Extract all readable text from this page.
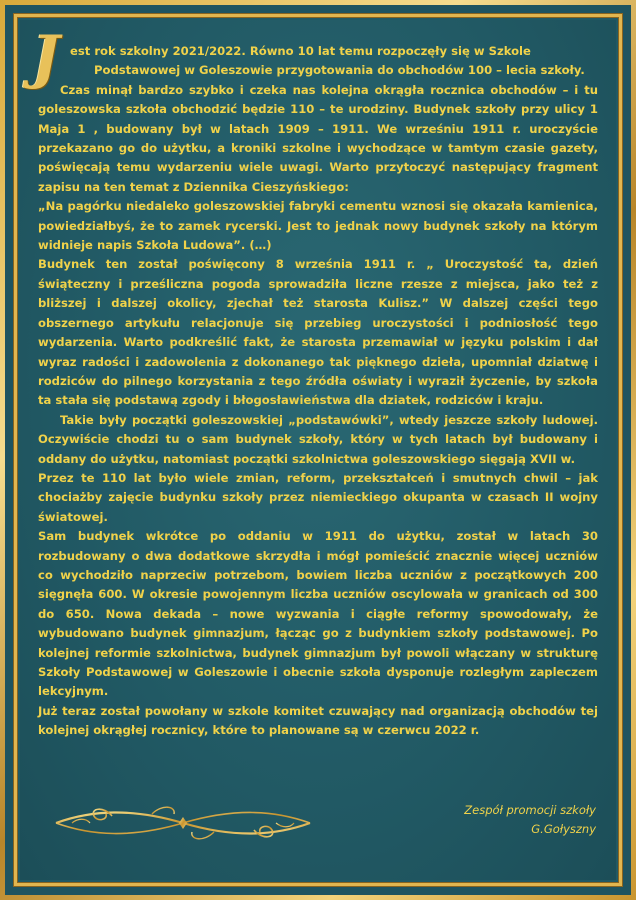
J est rok szkolny 2021/2022. Równo 10 lat temu rozpoczęły się w Szkole

Podstawowej w Goleszowie przygotowania do obchodów 100 – lecia szkoły.

Czas minął bardzo szybko i czeka nas kolejna okrągła rocznica obchodów – i tu goleszowska szkoła obchodzić będzie 110 – te urodziny. Budynek szkoły przy ulicy 1 Maja 1 , budowany był w latach 1909 – 1911. We wrześniu 1911 r. uroczyście przekazano go do użytku, a kroniki szkolne i wychodzące w tamtym czasie gazety, poświęcają temu wydarzeniu wiele uwagi. Warto przytoczyć następujący fragment zapisu na ten temat z Dziennika Cieszyńskiego:

„Na pagórku niedaleko goleszowskiej fabryki cementu wznosi się okazała kamienica, powiedziałbyś, że to zamek rycerski. Jest to jednak nowy budynek szkoły na którym widnieje napis Szkoła Ludowa”. (…)

Budynek ten został poświęcony 8 września 1911 r. „ Uroczystość ta, dzień świąteczny i prześliczna pogoda sprowadziła liczne rzesze z miejsca, jako też z bliższej i dalszej okolicy, zjechał też starosta Kulisz.” W dalszej części tego obszernego artykułu relacjonuje się przebieg uroczystości i podniosłość tego wydarzenia. Warto podkreślić fakt, że starosta przemawiał w języku polskim i dał wyraz radości i zadowolenia z dokonanego tak pięknego dzieła, upomniał dziatwę i rodziców do pilnego korzystania z tego źródła oświaty i wyraził życzenie, by szkoła ta stała się podstawą zgody i błogosławieństwa dla dziatek, rodziców i kraju.

Takie były początki goleszowskiej „podstawówki”, wtedy jeszcze szkoły ludowej. Oczywiście chodzi tu o sam budynek szkoły, który w tych latach był budowany i oddany do użytku, natomiast początki szkolnictwa goleszowskiego sięgają XVII w.

Przez te 110 lat było wiele zmian, reform, przekształceń i smutnych chwil – jak chociażby zajęcie budynku szkoły przez niemieckiego okupanta w czasach II wojny światowej.

Sam budynek wkrótce po oddaniu w 1911 do użytku, został w latach 30 rozbudowany o dwa dodatkowe skrzydła i mógł pomieścić znacznie więcej uczniów co wychodziło naprzeciw potrzebom, bowiem liczba uczniów z początkowych 200 sięgnęła 600. W okresie powojennym liczba uczniów oscylowała w granicach od 300 do 650. Nowa dekada – nowe wyzwania i ciągłe reformy spowodowały, że wybudowano budynek gimnazjum, łącząc go z budynkiem szkoły podstawowej. Po kolejnej reformie szkolnictwa, budynek gimnazjum był powoli włączany w strukturę Szkoły Podstawowej w Goleszowie i obecnie szkoła dysponuje rozległym zapleczem lekcyjnym.

Już teraz został powołany w szkole komitet czuwający nad organizacją obchodów tej kolejnej okrągłej rocznicy, które to planowane są w czerwcu 2022 r.

Zespół promocji szkoły
G.Gołyszny
